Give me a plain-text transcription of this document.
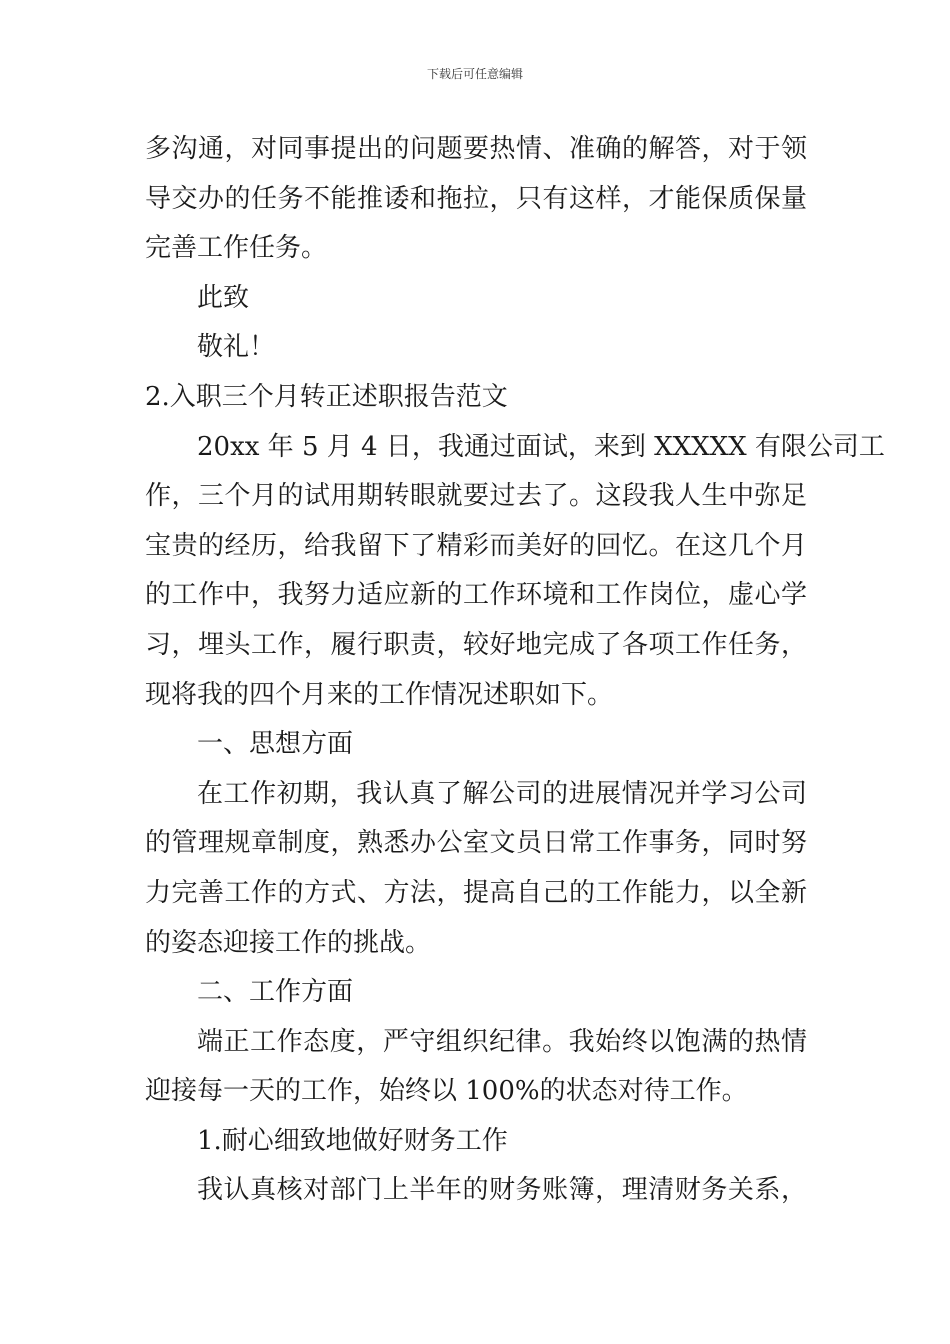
下载后可任意编辑
多沟通，对同事提出的问题要热情、准确的解答，对于领
导交办的任务不能推诿和拖拉，只有这样，才能保质保量
完善工作任务。
此致
敬礼！
2.入职三个月转正述职报告范文
20xx 年 5 月 4 日，我通过面试，来到 XXXXX 有限公司工
作，三个月的试用期转眼就要过去了。这段我人生中弥足
宝贵的经历，给我留下了精彩而美好的回忆。在这几个月
的工作中，我努力适应新的工作环境和工作岗位，虚心学
习，埋头工作，履行职责，较好地完成了各项工作任务，
现将我的四个月来的工作情况述职如下。
一、思想方面
在工作初期，我认真了解公司的进展情况并学习公司
的管理规章制度，熟悉办公室文员日常工作事务，同时努
力完善工作的方式、方法，提高自己的工作能力，以全新
的姿态迎接工作的挑战。
二、工作方面
端正工作态度，严守组织纪律。我始终以饱满的热情
迎接每一天的工作，始终以 100%的状态对待工作。
1.耐心细致地做好财务工作
我认真核对部门上半年的财务账簿，理清财务关系，
